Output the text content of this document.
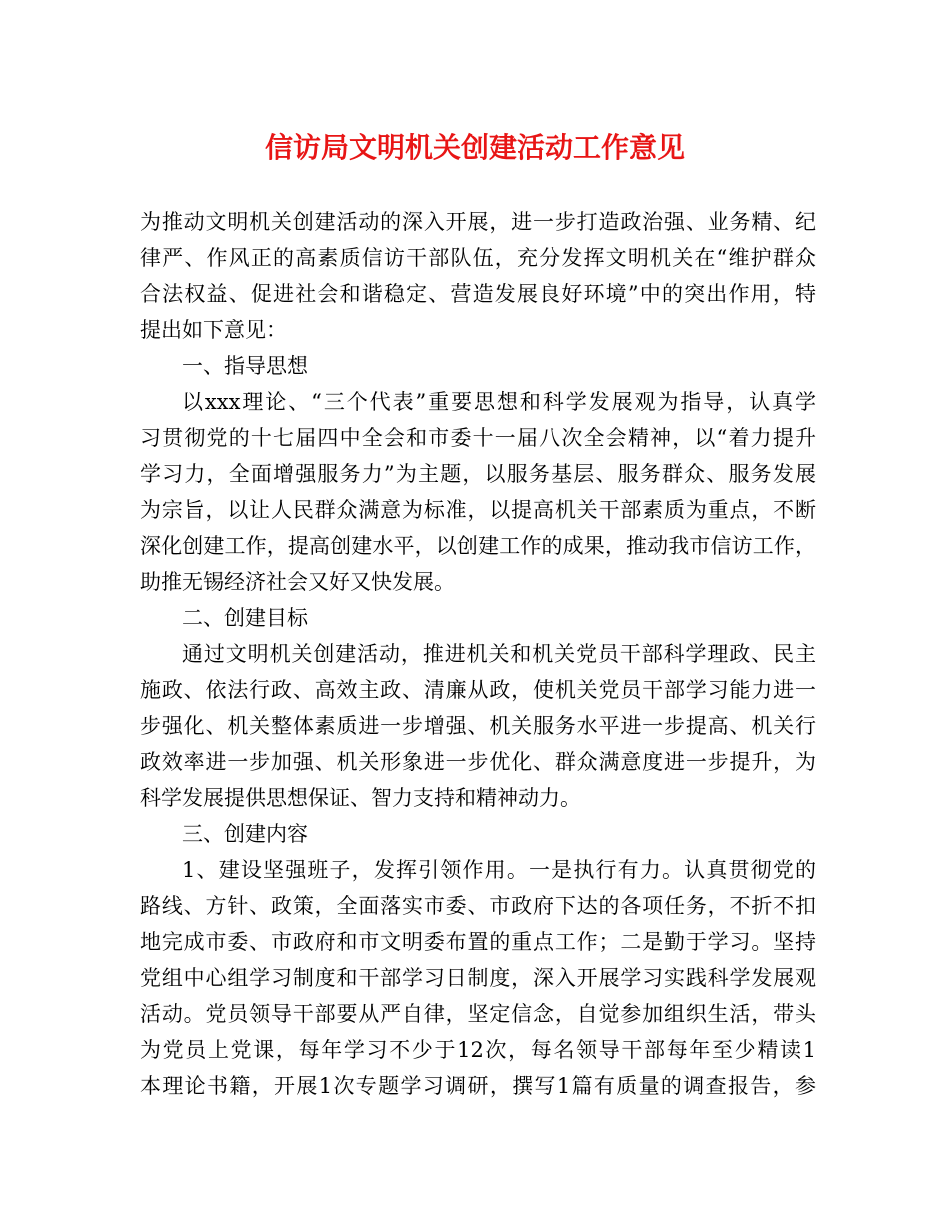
信访局文明机关创建活动工作意见
为推动文明机关创建活动的深入开展，进一步打造政治强、业务精、纪
律严、作风正的高素质信访干部队伍，充分发挥文明机关在“维护群众
合法权益、促进社会和谐稳定、营造发展良好环境”中的突出作用，特
提出如下意见：
一、指导思想
以xxx理论、“三个代表”重要思想和科学发展观为指导，认真学
习贯彻党的十七届四中全会和市委十一届八次全会精神，以“着力提升
学习力，全面增强服务力”为主题，以服务基层、服务群众、服务发展
为宗旨，以让人民群众满意为标准，以提高机关干部素质为重点，不断
深化创建工作，提高创建水平，以创建工作的成果，推动我市信访工作，
助推无锡经济社会又好又快发展。
二、创建目标
通过文明机关创建活动，推进机关和机关党员干部科学理政、民主
施政、依法行政、高效主政、清廉从政，使机关党员干部学习能力进一
步强化、机关整体素质进一步增强、机关服务水平进一步提高、机关行
政效率进一步加强、机关形象进一步优化、群众满意度进一步提升，为
科学发展提供思想保证、智力支持和精神动力。
三、创建内容
1、建设坚强班子，发挥引领作用。一是执行有力。认真贯彻党的
路线、方针、政策，全面落实市委、市政府下达的各项任务，不折不扣
地完成市委、市政府和市文明委布置的重点工作；二是勤于学习。坚持
党组中心组学习制度和干部学习日制度，深入开展学习实践科学发展观
活动。党员领导干部要从严自律，坚定信念，自觉参加组织生活，带头
为党员上党课，每年学习不少于12次，每名领导干部每年至少精读1
本理论书籍，开展1次专题学习调研，撰写1篇有质量的调查报告，参
